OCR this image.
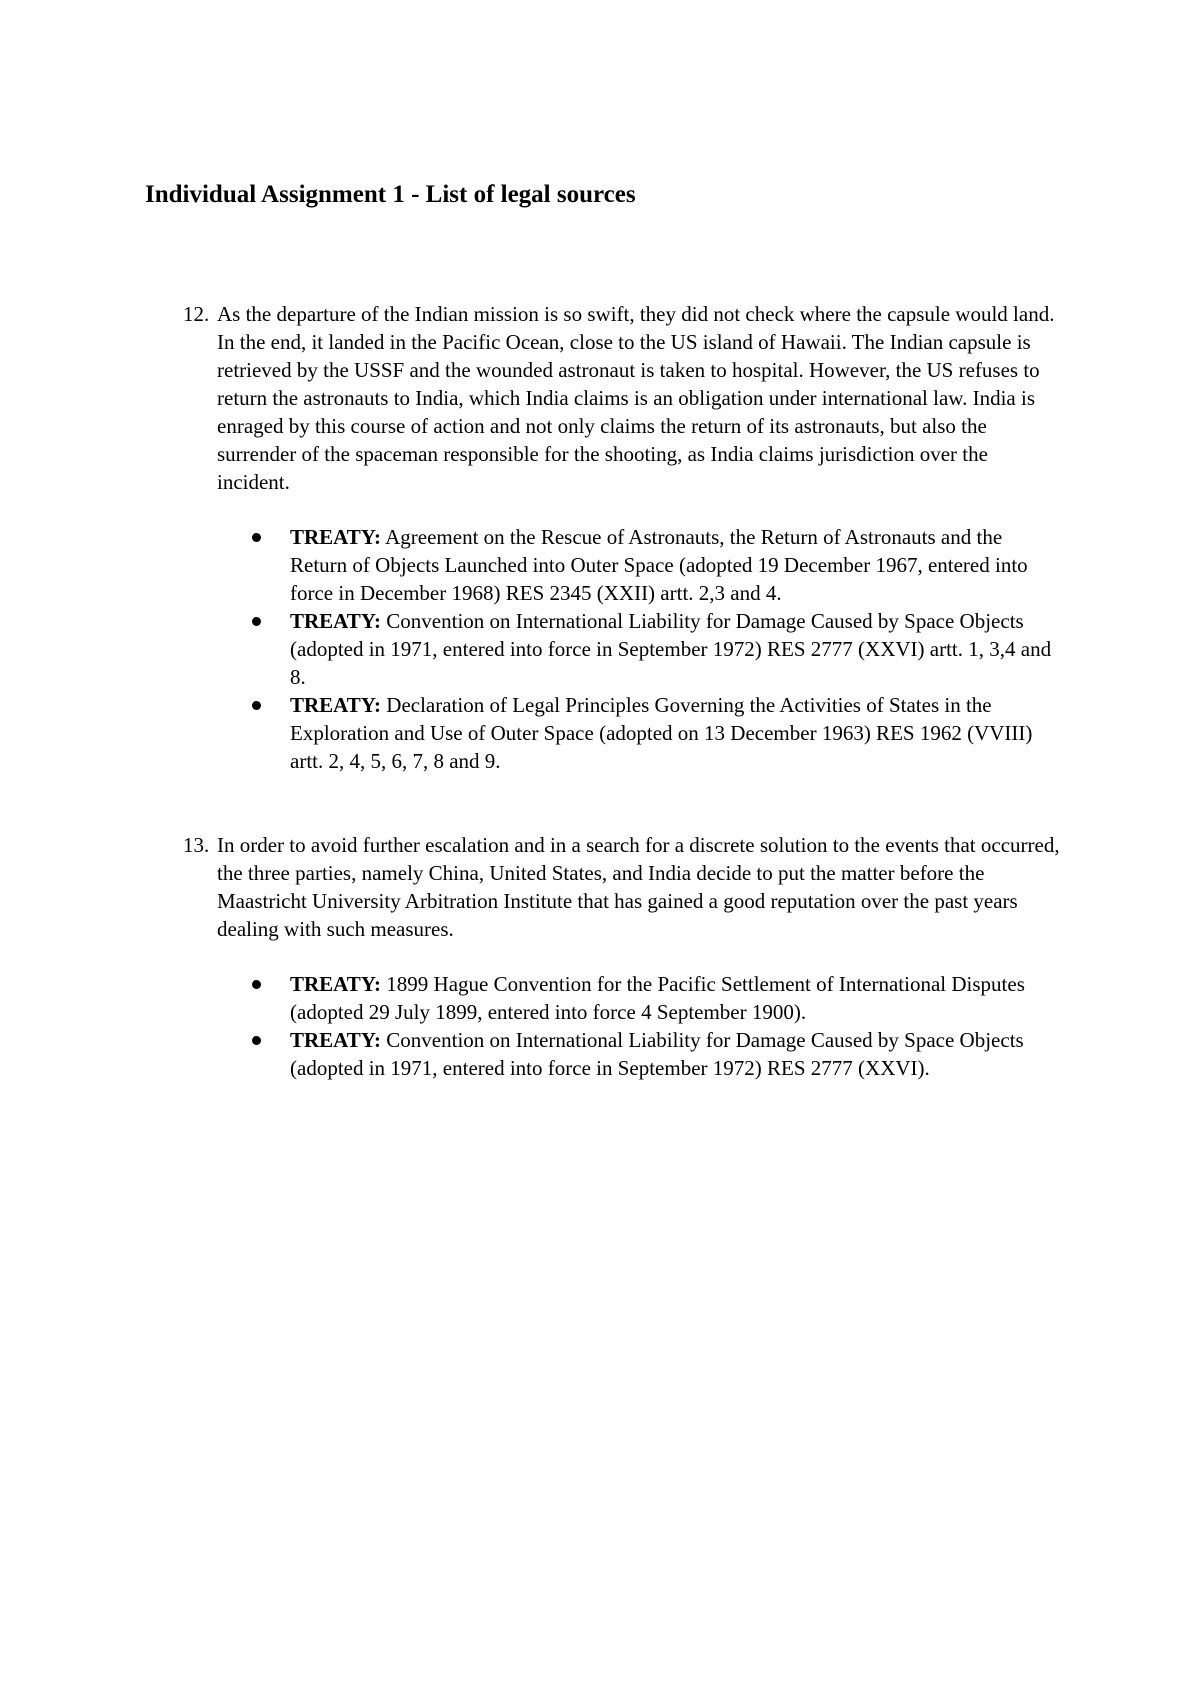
Individual Assignment 1 - List of legal sources
12. As the departure of the Indian mission is so swift, they did not check where the capsule would land. In the end, it landed in the Pacific Ocean, close to the US island of Hawaii. The Indian capsule is retrieved by the USSF and the wounded astronaut is taken to hospital. However, the US refuses to return the astronauts to India, which India claims is an obligation under international law. India is enraged by this course of action and not only claims the return of its astronauts, but also the surrender of the spaceman responsible for the shooting, as India claims jurisdiction over the incident.

TREATY: Agreement on the Rescue of Astronauts, the Return of Astronauts and the Return of Objects Launched into Outer Space (adopted 19 December 1967, entered into force in December 1968) RES 2345 (XXII) artt. 2,3 and 4.
TREATY: Convention on International Liability for Damage Caused by Space Objects (adopted in 1971, entered into force in September 1972) RES 2777 (XXVI) artt. 1, 3,4 and 8.
TREATY: Declaration of Legal Principles Governing the Activities of States in the Exploration and Use of Outer Space (adopted on 13 December 1963) RES 1962 (VVIII) artt. 2, 4, 5, 6, 7, 8 and 9.
13. In order to avoid further escalation and in a search for a discrete solution to the events that occurred, the three parties, namely China, United States, and India decide to put the matter before the Maastricht University Arbitration Institute that has gained a good reputation over the past years dealing with such measures.

TREATY: 1899 Hague Convention for the Pacific Settlement of International Disputes (adopted 29 July 1899, entered into force 4 September 1900).
TREATY: Convention on International Liability for Damage Caused by Space Objects (adopted in 1971, entered into force in September 1972) RES 2777 (XXVI).
